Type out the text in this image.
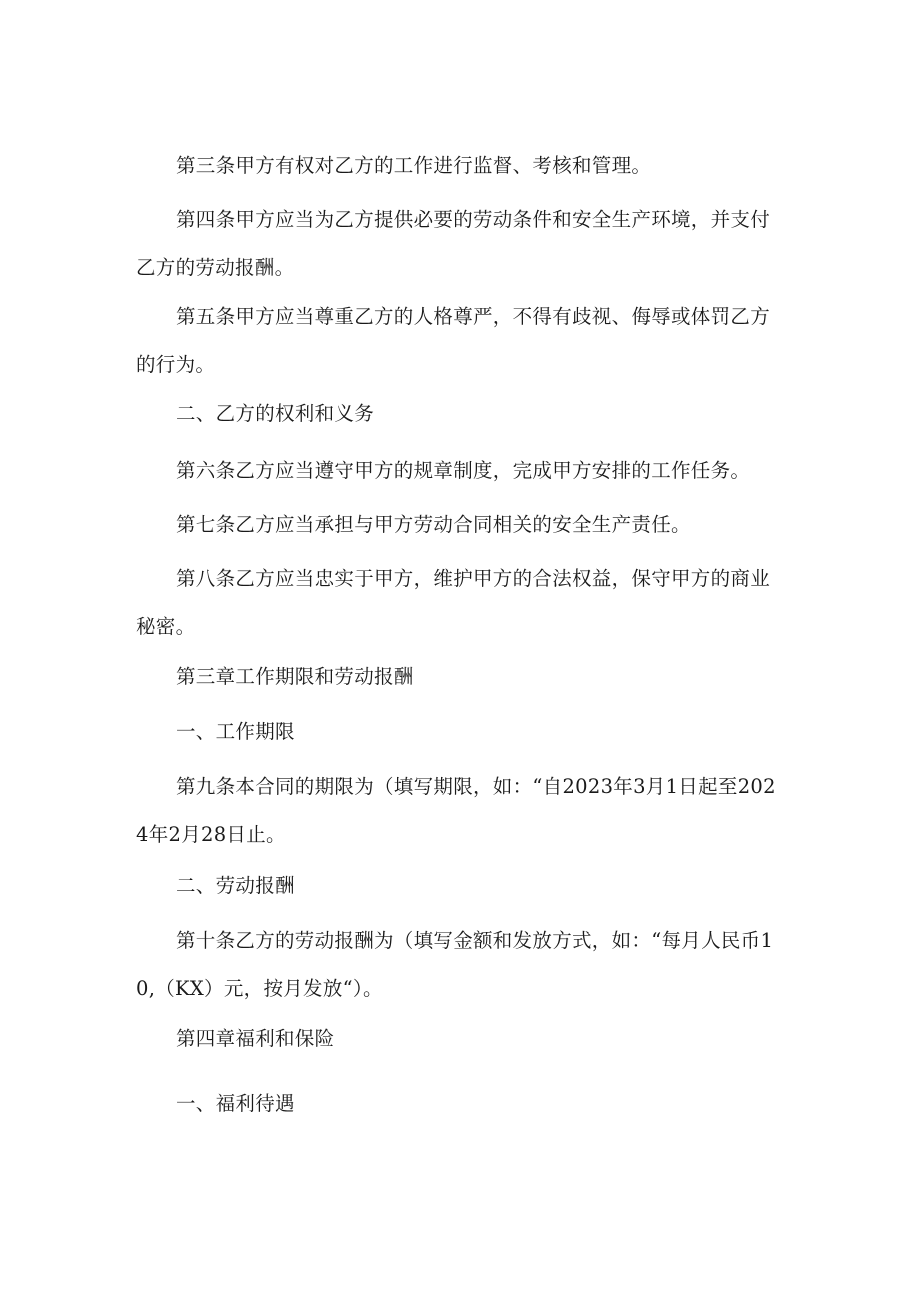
第三条甲方有权对乙方的工作进行监督、考核和管理。

第四条甲方应当为乙方提供必要的劳动条件和安全生产环境，并支付乙方的劳动报酬。

第五条甲方应当尊重乙方的人格尊严，不得有歧视、侮辱或体罚乙方的行为。

二、乙方的权利和义务

第六条乙方应当遵守甲方的规章制度，完成甲方安排的工作任务。

第七条乙方应当承担与甲方劳动合同相关的安全生产责任。

第八条乙方应当忠实于甲方，维护甲方的合法权益，保守甲方的商业秘密。

第三章工作期限和劳动报酬

一、工作期限

第九条本合同的期限为（填写期限，如：“自2023年3月1日起至2024年2月28日止。

二、劳动报酬

第十条乙方的劳动报酬为（填写金额和发放方式，如：“每月人民币10,（KX）元，按月发放“）。

第四章福利和保险

一、福利待遇
